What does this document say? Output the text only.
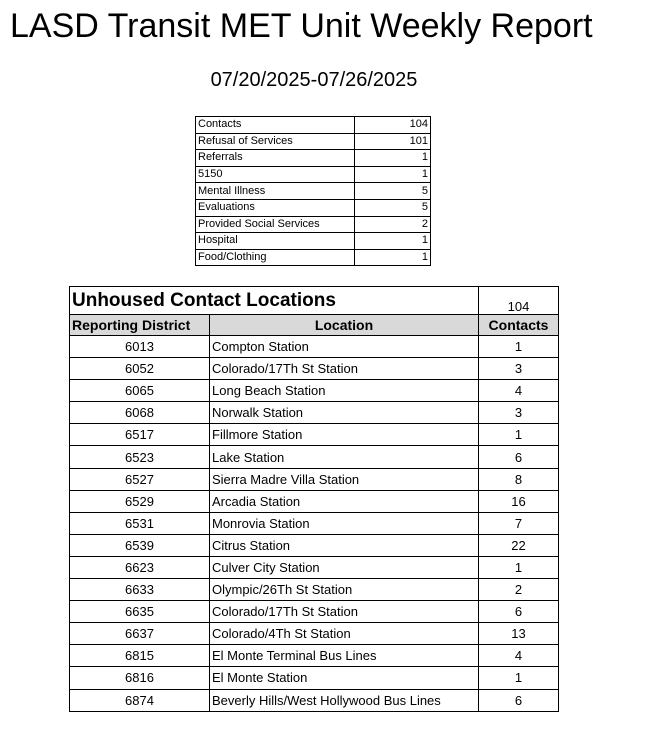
LASD Transit MET Unit Weekly Report
07/20/2025-07/26/2025
Contacts	104
Refusal of Services	101
Referrals	1
5150	1
Mental Illness	5
Evaluations	5
Provided Social Services	2
Hospital	1
Food/Clothing	1
Unhoused Contact Locations		104
Reporting District	Location	Contacts
6013	Compton Station	1
6052	Colorado/17Th St Station	3
6065	Long Beach Station	4
6068	Norwalk Station	3
6517	Fillmore Station	1
6523	Lake Station	6
6527	Sierra Madre Villa Station	8
6529	Arcadia Station	16
6531	Monrovia Station	7
6539	Citrus Station	22
6623	Culver City Station	1
6633	Olympic/26Th St Station	2
6635	Colorado/17Th St Station	6
6637	Colorado/4Th St Station	13
6815	El Monte Terminal Bus Lines	4
6816	El Monte Station	1
6874	Beverly Hills/West Hollywood Bus Lines	6
